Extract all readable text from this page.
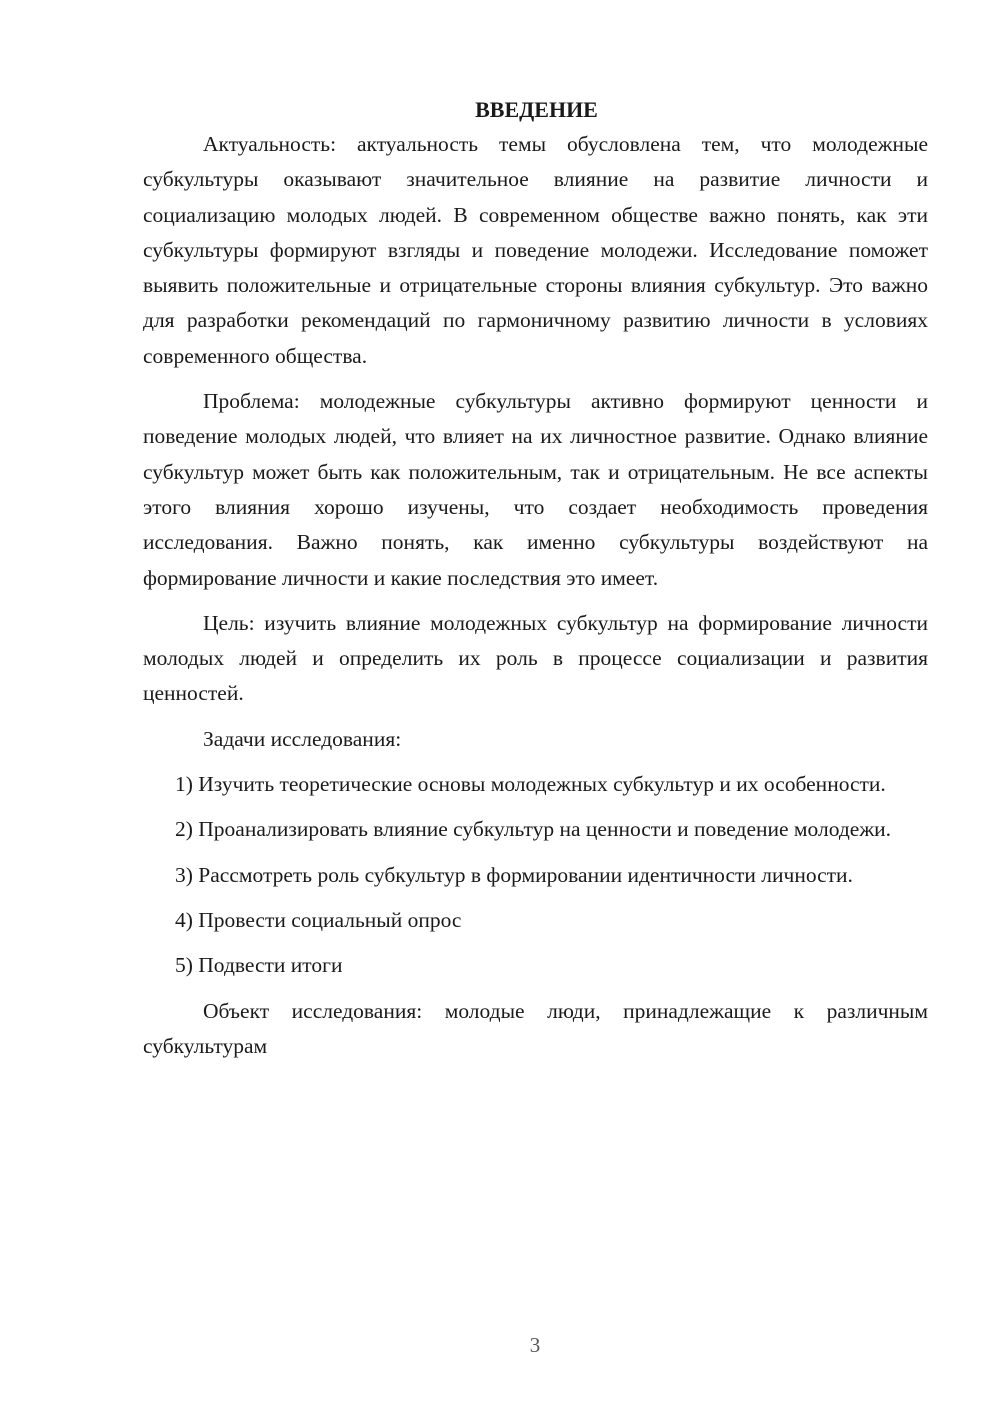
ВВЕДЕНИЕ

Актуальность: актуальность темы обусловлена тем, что молодежные субкультуры оказывают значительное влияние на развитие личности и социализацию молодых людей. В современном обществе важно понять, как эти субкультуры формируют взгляды и поведение молодежи. Исследование поможет выявить положительные и отрицательные стороны влияния субкультур. Это важно для разработки рекомендаций по гармоничному развитию личности в условиях современного общества.

Проблема: молодежные субкультуры активно формируют ценности и поведение молодых людей, что влияет на их личностное развитие. Однако влияние субкультур может быть как положительным, так и отрицательным. Не все аспекты этого влияния хорошо изучены, что создает необходимость проведения исследования. Важно понять, как именно субкультуры воздействуют на формирование личности и какие последствия это имеет.

Цель: изучить влияние молодежных субкультур на формирование личности молодых людей и определить их роль в процессе социализации и развития ценностей.

Задачи исследования:

1) Изучить теоретические основы молодежных субкультур и их особенности.

2) Проанализировать влияние субкультур на ценности и поведение молодежи.

3) Рассмотреть роль субкультур в формировании идентичности личности.

4) Провести социальный опрос

5) Подвести итоги

Объект исследования: молодые люди, принадлежащие к различным субкультурам

3
